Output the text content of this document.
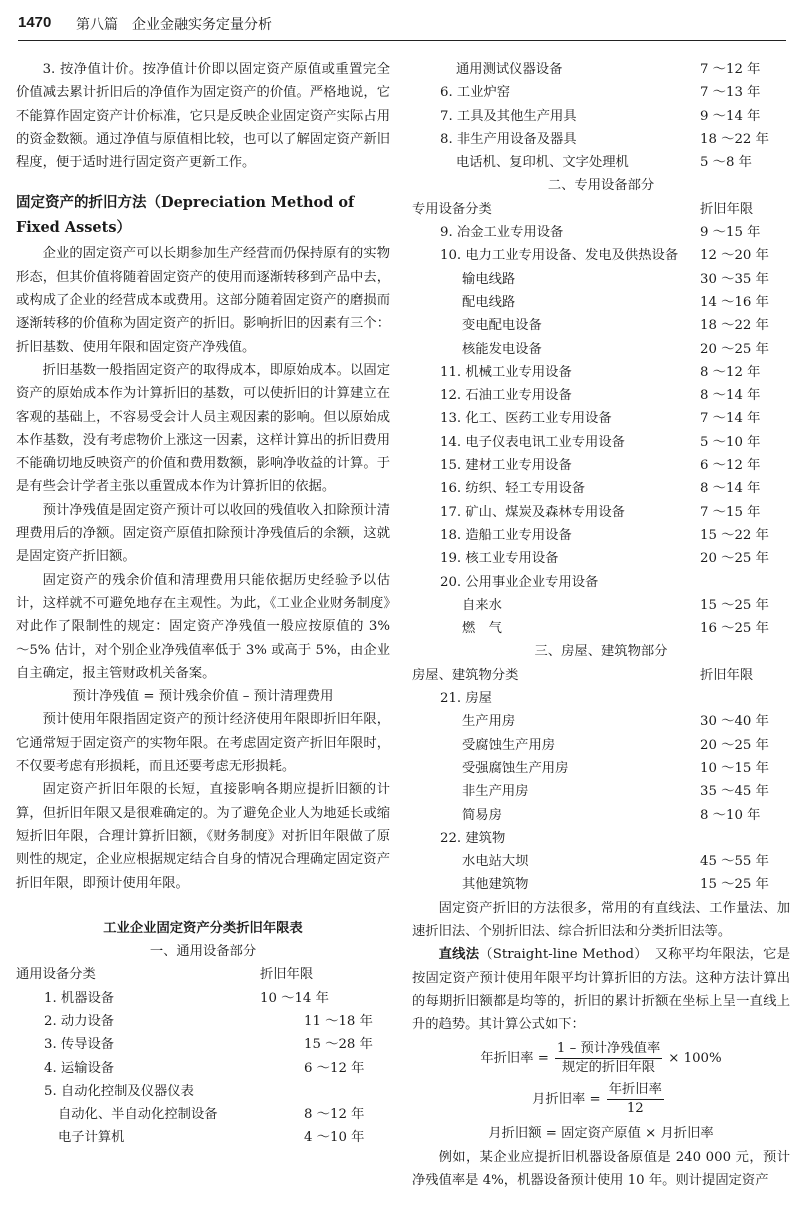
1470 第八篇　企业金融实务定量分析

3. 按净值计价。按净值计价即以固定资产原值或重置完全价值减去累计折旧后的净值作为固定资产的价值。严格地说，它不能算作固定资产计价标准，它只是反映企业固定资产实际占用的资金数额。通过净值与原值相比较，也可以了解固定资产新旧程度，便于适时进行固定资产更新工作。

固定资产的折旧方法（Depreciation Method of Fixed Assets）

企业的固定资产可以长期参加生产经营而仍保持原有的实物形态，但其价值将随着固定资产的使用而逐渐转移到产品中去，或构成了企业的经营成本或费用。这部分随着固定资产的磨损而逐渐转移的价值称为固定资产的折旧。影响折旧的因素有三个：折旧基数、使用年限和固定资产净残值。

折旧基数一般指固定资产的取得成本，即原始成本。以固定资产的原始成本作为计算折旧的基数，可以使折旧的计算建立在客观的基础上，不容易受会计人员主观因素的影响。但以原始成本作基数，没有考虑物价上涨这一因素，这样计算出的折旧费用不能确切地反映资产的价值和费用数额，影响净收益的计算。于是有些会计学者主张以重置成本作为计算折旧的依据。

预计净残值是固定资产预计可以收回的残值收入扣除预计清理费用后的净额。固定资产原值扣除预计净残值后的余额，这就是固定资产折旧额。

固定资产的残余价值和清理费用只能依据历史经验予以估计，这样就不可避免地存在主观性。为此，《工业企业财务制度》对此作了限制性的规定：固定资产净残值一般应按原值的 3% ～5% 估计，对个别企业净残值率低于 3% 或高于 5%，由企业自主确定，报主管财政机关备案。

预计净残值 = 预计残余价值 – 预计清理费用

预计使用年限指固定资产的预计经济使用年限即折旧年限，它通常短于固定资产的实物年限。在考虑固定资产折旧年限时，不仅要考虑有形损耗，而且还要考虑无形损耗。

固定资产折旧年限的长短，直接影响各期应提折旧额的计算，但折旧年限又是很难确定的。为了避免企业人为地延长或缩短折旧年限，合理计算折旧额，《财务制度》对折旧年限做了原则性的规定，企业应根据规定结合自身的情况合理确定固定资产折旧年限，即预计使用年限。

工业企业固定资产分类折旧年限表
一、通用设备部分
通用设备分类	折旧年限
1. 机器设备	10 ～14 年
2. 动力设备	11 ～18 年
3. 传导设备	15 ～28 年
4. 运输设备	6 ～12 年
5. 自动化控制及仪器仪表
自动化、半自动化控制设备	8 ～12 年
电子计算机	4 ～10 年
通用测试仪器设备	7 ～12 年
6. 工业炉窑	7 ～13 年
7. 工具及其他生产用具	9 ～14 年
8. 非生产用设备及器具	18 ～22 年
电话机、复印机、文字处理机	5 ～8 年
二、专用设备部分
专用设备分类	折旧年限
9. 冶金工业专用设备	9 ～15 年
10. 电力工业专用设备、发电及供热设备 12 ～20 年
输电线路	30 ～35 年
配电线路	14 ～16 年
变电配电设备	18 ～22 年
核能发电设备	20 ～25 年
11. 机械工业专用设备	8 ～12 年
12. 石油工业专用设备	8 ～14 年
13. 化工、医药工业专用设备	7 ～14 年
14. 电子仪表电讯工业专用设备	5 ～10 年
15. 建材工业专用设备	6 ～12 年
16. 纺织、轻工专用设备	8 ～14 年
17. 矿山、煤炭及森林专用设备	7 ～15 年
18. 造船工业专用设备	15 ～22 年
19. 核工业专用设备	20 ～25 年
20. 公用事业企业专用设备
自来水	15 ～25 年
燃　气	16 ～25 年
三、房屋、建筑物部分
房屋、建筑物分类	折旧年限
21. 房屋
生产用房	30 ～40 年
受腐蚀生产用房	20 ～25 年
受强腐蚀生产用房	10 ～15 年
非生产用房	35 ～45 年
简易房	8 ～10 年
22. 建筑物
水电站大坝	45 ～55 年
其他建筑物	15 ～25 年

固定资产折旧的方法很多，常用的有直线法、工作量法、加速折旧法、个别折旧法、综合折旧法和分类折旧法等。

直线法（Straight-line Method）　又称平均年限法，它是按固定资产预计使用年限平均计算折旧的方法。这种方法计算出的每期折旧额都是均等的，折旧的累计折额在坐标上呈一直线上升的趋势。其计算公式如下：

年折旧率 = $\frac{\text{1 – 预计净残值率}}{\text{规定的折旧年限}} \times 100\%$
月折旧率 = $\frac{\text{年折旧率}}{12}$
月折旧额 = 固定资产原值 × 月折旧率

例如，某企业应提折旧机器设备原值是 240 000 元，预计净残值率是 4%，机器设备预计使用 10 年。则计提固定资产
